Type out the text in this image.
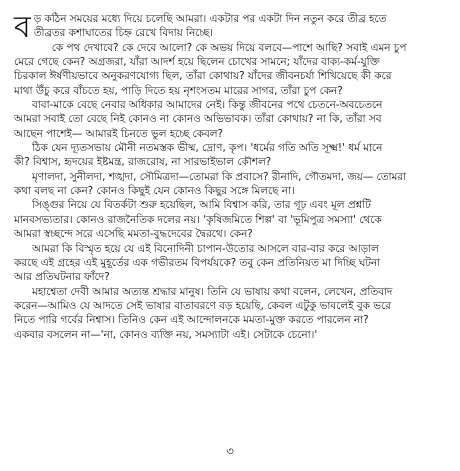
ব ড় কঠিন সময়ের মধ্যে দিয়ে চলেছি আমরা। একটার পর একটা দিন নতুন করে তীব্র হতে
তীব্রতর কশাঘাতের চিহ্ন রেখে বিদায় নিচ্ছে।
কে পথ দেখাবে? কে দেবে আলো? কে অভয় দিয়ে বলবে—পাশে আছি? সবাই এমন চুপ
মেরে গেছে কেন? অগ্রজরা, যাঁরা আদর্শ হয়ে ছিলেন চোখের সামনে; যাঁদের বাক্য-কর্ম-যুক্তি
চিরকাল ঈর্ষণীয়ভাবে অনুকরণযোগ্য ছিল, তাঁরা কোথায়? যাঁদের জীবনচর্যা শিখিয়েছে কী করে
মাথা উঁচু করে বাঁচতে হয়, পাড়ি দিতে হয় নৃশংসতম মারের সাগর, তাঁরা চুপ কেন?
বাবা-মাকে বেছে নেবার অধিকার আমাদের নেই। কিন্তু জীবনের পথে চেতনে-অবচেতনে
আমরা সবাই তো বেছে নিই কোনও না কোনও অভিভাবক। তাঁরা কোথায়? না কি, তাঁরা সব
আছেন পাশেই— আমারই চিনতে ভুল হচ্ছে কেবল?
ঠিক যেন দ্যূতসভায় মৌনী নতমস্তক ভীষ্ম, দ্রোণ, কৃপ। 'ধর্মের গতি অতি সূক্ষ্ম!' ধর্ম মানে
কী? বিশ্বাস, হৃদয়ের ইষ্টমন্ত্র, রাজরোষ, না সারভাইভাল কৌশল?
মৃণালদা, সুনীলদা, শঙ্খদা, সৌমিত্রদা—তোমরা কি প্রবাসে? রীনাদি, গৌতমদা, জয়— তোমরা
কথা বলছ না কেন? কোনও কিছুই যেন কোনও কিছুর সঙ্গে মিলছে না।
সিঙ্গুর নিয়ে যে বিতর্কটা শুরু হয়েছিল, আমি বিশ্বাস করি, তার গূঢ় এবং মূল প্রশ্নটি
মানবসভ্যতার। কোনও রাজনৈতিক দলের নয়। 'কৃষিজমিতে শিল্প' বা 'ভূমিপুত্র সমস্যা' থেকে
আমরা স্বচ্ছন্দে সরে এসেছি মমতা-বুদ্ধদেবের দ্বৈরথে। কেন?
আমরা কি বিস্মৃত হয়ে যে এই বিনোদিনী চাপান-উতোর আসলে বার-বার করে আড়াল
করছে এই গ্রহের এই মুহূর্তের এক গভীরতম বিপর্যয়কে? তবু কেন প্রতিনিয়ত মা দিচ্ছি ঘটনা
আর প্রতিঘটনার ফাঁদে?
মহাশ্বেতা দেবী আমার অত্যন্ত শ্রদ্ধার মানুষ। তিনি যে ভাষায় কথা বলেন, লেখেন, প্রতিবাদ
করেন—আমিও যে আদতে সেই ভাষার বাতাবরণে বড় হয়েছি, কেবল এটুকু ভাবলেই বুক ভরে
নিতে পারি গর্বের নিশ্বাস। তিনিও কেন এই আন্দোলনকে মমতা-মুক্ত করতে পারলেন না?
একবার বসলেন না—'না, কোনও ব্যক্তি নয়, সমস্যাটা এই। সেটাকে চেনো।'
৩
